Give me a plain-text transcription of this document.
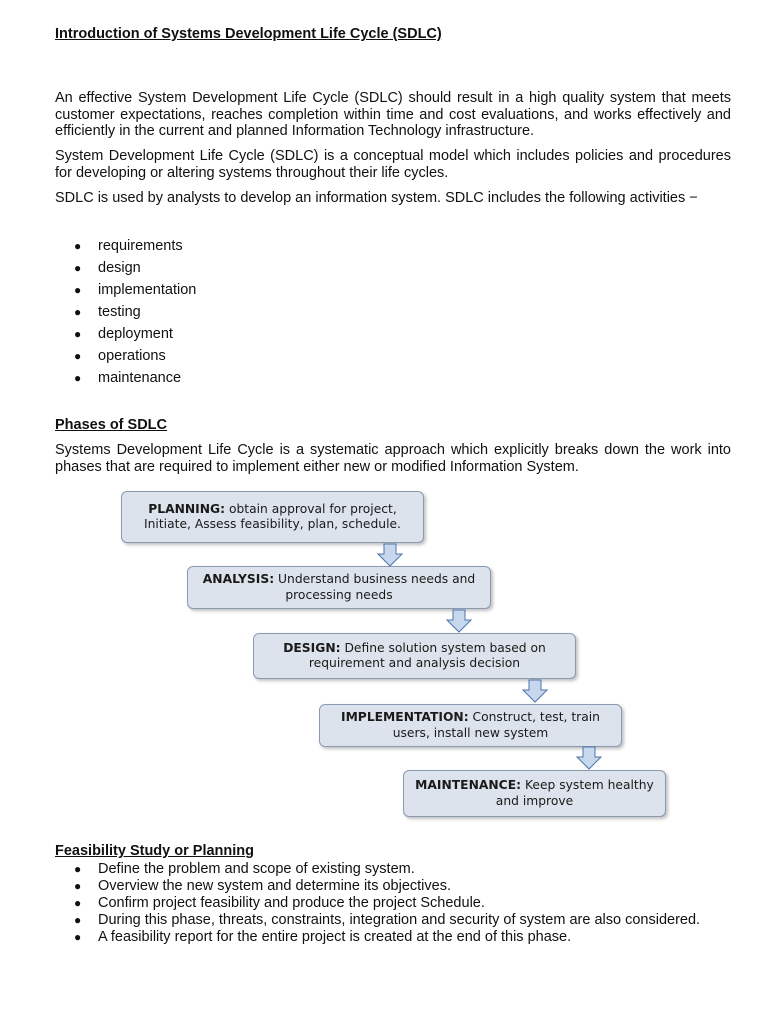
Introduction of Systems Development Life Cycle (SDLC)

An effective System Development Life Cycle (SDLC) should result in a high quality system that meets customer expectations, reaches completion within time and cost evaluations, and works effectively and efficiently in the current and planned Information Technology infrastructure.

System Development Life Cycle (SDLC) is a conceptual model which includes policies and procedures for developing or altering systems throughout their life cycles.

SDLC is used by analysts to develop an information system. SDLC includes the following activities −

● requirements
● design
● implementation
● testing
● deployment
● operations
● maintenance
Phases of SDLC

Systems Development Life Cycle is a systematic approach which explicitly breaks down the work into phases that are required to implement either new or modified Information System.

PLANNING: obtain approval for project, Initiate, Assess feasibility, plan, schedule.
ANALYSIS: Understand business needs and processing needs
DESIGN: Define solution system based on requirement and analysis decision
IMPLEMENTATION: Construct, test, train users, install new system
MAINTENANCE: Keep system healthy and improve
Feasibility Study or Planning
● Define the problem and scope of existing system.
● Overview the new system and determine its objectives.
● Confirm project feasibility and produce the project Schedule.
● During this phase, threats, constraints, integration and security of system are also considered.
● A feasibility report for the entire project is created at the end of this phase.
